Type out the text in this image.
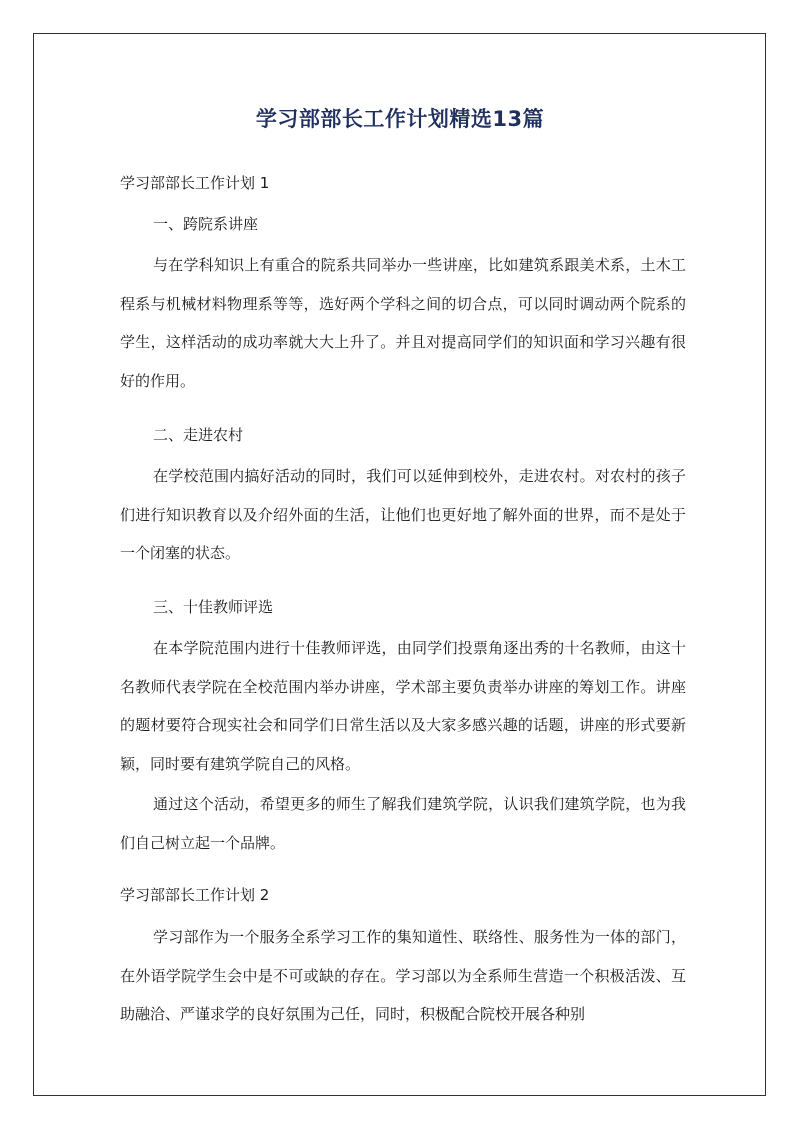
学习部部长工作计划精选13篇
学习部部长工作计划 1
一、跨院系讲座

与在学科知识上有重合的院系共同举办一些讲座，比如建筑系跟美术系，土木工程系与机械材料物理系等等，选好两个学科之间的切合点，可以同时调动两个院系的学生，这样活动的成功率就大大上升了。并且对提高同学们的知识面和学习兴趣有很好的作用。

二、走进农村

在学校范围内搞好活动的同时，我们可以延伸到校外，走进农村。对农村的孩子们进行知识教育以及介绍外面的生活，让他们也更好地了解外面的世界，而不是处于一个闭塞的状态。

三、十佳教师评选

在本学院范围内进行十佳教师评选，由同学们投票角逐出秀的十名教师，由这十名教师代表学院在全校范围内举办讲座，学术部主要负责举办讲座的筹划工作。讲座的题材要符合现实社会和同学们日常生活以及大家多感兴趣的话题，讲座的形式要新颖，同时要有建筑学院自己的风格。

通过这个活动，希望更多的师生了解我们建筑学院，认识我们建筑学院，也为我们自己树立起一个品牌。

学习部部长工作计划 2

学习部作为一个服务全系学习工作的集知道性、联络性、服务性为一体的部门，在外语学院学生会中是不可或缺的存在。学习部以为全系师生营造一个积极活泼、互助融洽、严谨求学的良好氛围为己任，同时，积极配合院校开展各种别
